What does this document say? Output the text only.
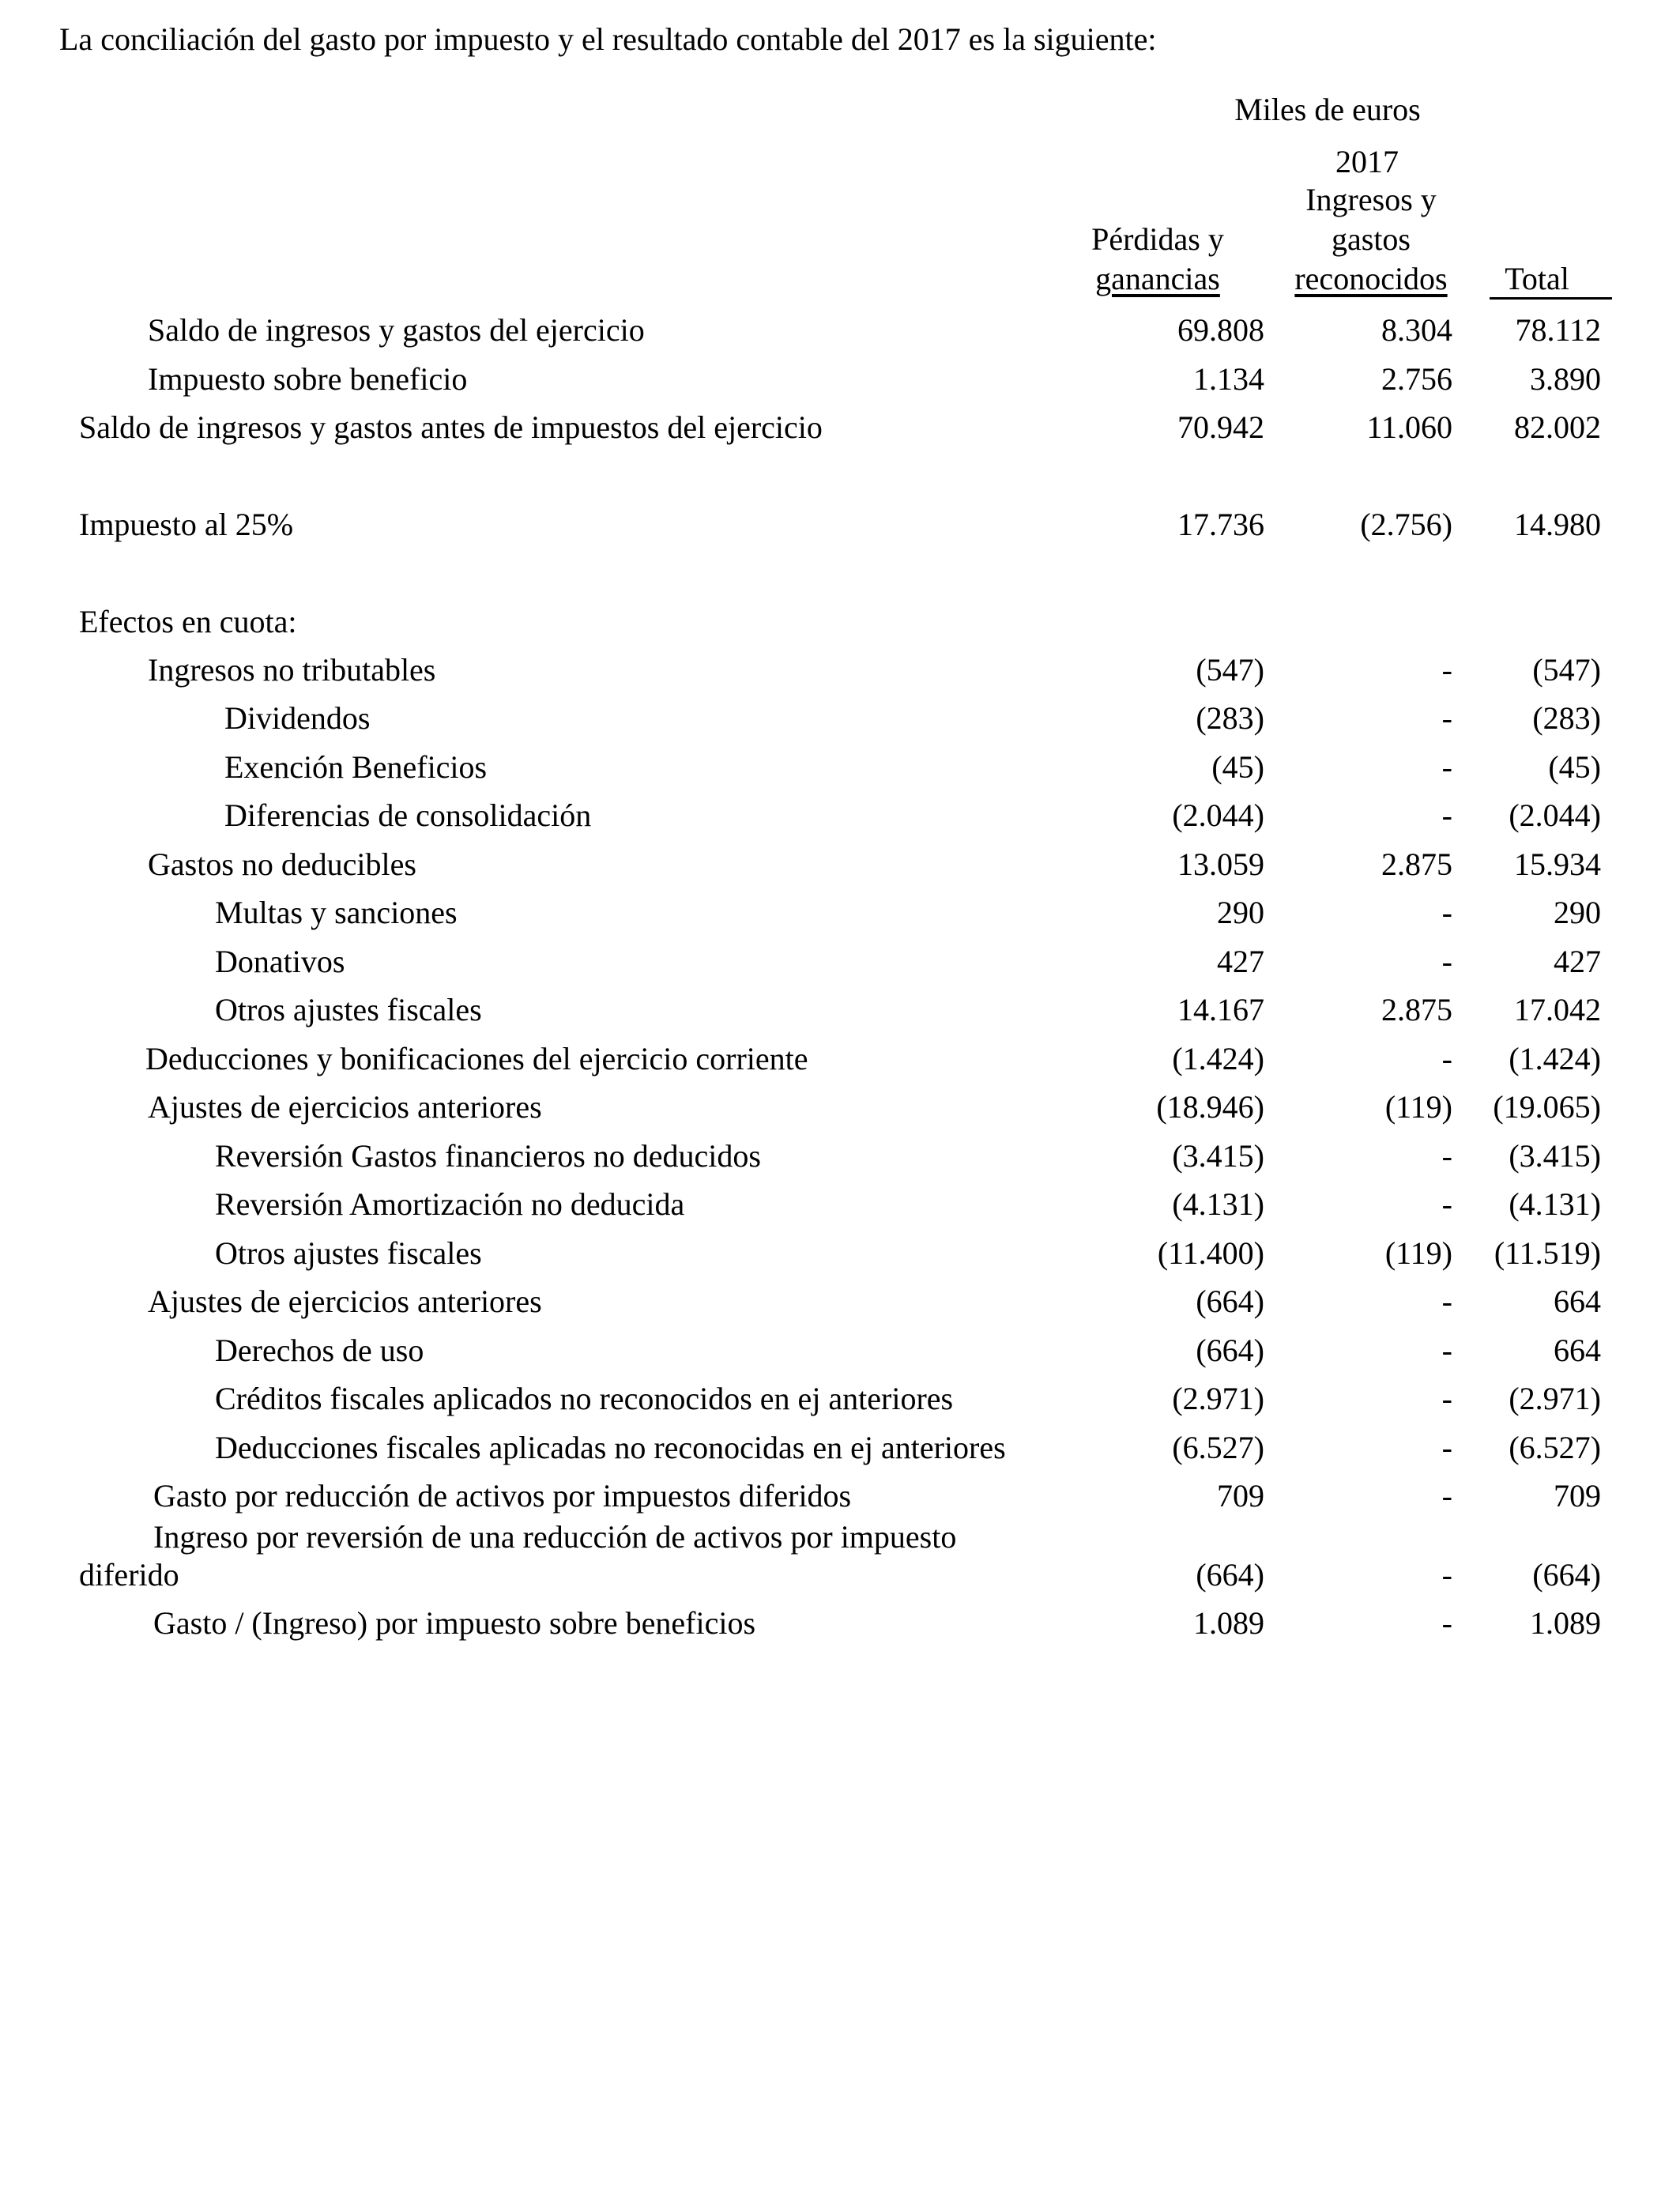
La conciliación del gasto por impuesto y el resultado contable del 2017 es la siguiente:
Miles de euros
2017
Pérdidas y
ganancias
Ingresos y
gastos
reconocidos	Total
Saldo de ingresos y gastos del ejercicio	69.808	8.304	78.112
Impuesto sobre beneficio	1.134	2.756	3.890
Saldo de ingresos y gastos antes de impuestos del ejercicio	70.942	11.060	82.002
Impuesto al 25%	17.736	(2.756)	14.980
Efectos en cuota:
Ingresos no tributables	(547)	-	(547)
Dividendos	(283)	-	(283)
Exención Beneficios	(45)	-	(45)
Diferencias de consolidación	(2.044)	-	(2.044)
Gastos no deducibles	13.059	2.875	15.934
Multas y sanciones	290	-	290
Donativos	427	-	427
Otros ajustes fiscales	14.167	2.875	17.042
Deducciones y bonificaciones del ejercicio corriente	(1.424)	-	(1.424)
Ajustes de ejercicios anteriores	(18.946)	(119)	(19.065)
Reversión Gastos financieros no deducidos	(3.415)	-	(3.415)
Reversión Amortización no deducida	(4.131)	-	(4.131)
Otros ajustes fiscales	(11.400)	(119)	(11.519)
Ajustes de ejercicios anteriores	(664)	-	664
Derechos de uso	(664)	-	664
Créditos fiscales aplicados no reconocidos en ej anteriores	(2.971)	-	(2.971)
Deducciones fiscales aplicadas no reconocidas en ej anteriores	(6.527)	-	(6.527)
Gasto por reducción de activos por impuestos diferidos	709	-	709
Ingreso por reversión de una reducción de activos por impuesto
diferido	(664)	-	(664)
Gasto / (Ingreso) por impuesto sobre beneficios	1.089	-	1.089
